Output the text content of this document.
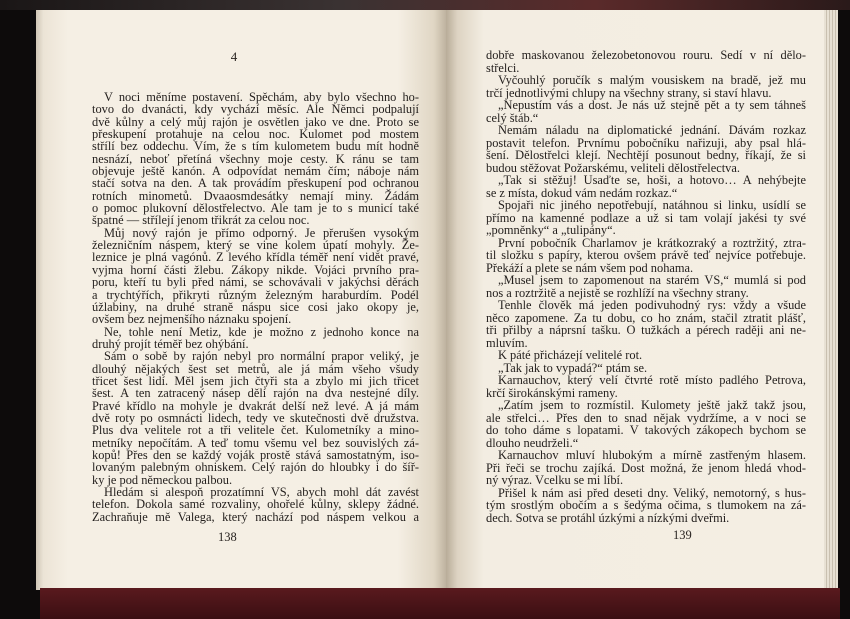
4
V noci měníme postavení. Spěchám, aby bylo všechno ho-
tovo do dvanácti, kdy vychází měsíc. Ale Němci podpalují
dvě kůlny a celý můj rajón je osvětlen jako ve dne. Proto se
přeskupení protahuje na celou noc. Kulomet pod mostem
střílí bez oddechu. Vím, že s tím kulometem budu mít hodně
nesnází, neboť přetíná všechny moje cesty. K ránu se tam
objevuje ještě kanón. A odpovídat nemám čím; náboje nám
stačí sotva na den. A tak provádím přeskupení pod ochranou
rotních minometů. Dvaaosmdesátky nemají miny. Žádám
o pomoc plukovní dělostřelectvo. Ale tam je to s municí také
špatné — střílejí jenom třikrát za celou noc.
Můj nový rajón je přímo odporný. Je přerušen vysokým
železničním náspem, který se vine kolem úpatí mohyly. Že-
leznice je plná vagónů. Z levého křídla téměř není vidět pravé,
vyjma horní části žlebu. Zákopy nikde. Vojáci prvního pra-
poru, kteří tu byli před námi, se schovávali v jakýchsi děrách
a trychtýřích, přikryti různým železným haraburdím. Podél
úžlabiny, na druhé straně náspu sice cosi jako okopy je,
ovšem bez nejmenšího náznaku spojení.
Ne, tohle není Metiz, kde je možno z jednoho konce na
druhý projít téměř bez ohýbání.
Sám o sobě by rajón nebyl pro normální prapor veliký, je
dlouhý nějakých šest set metrů, ale já mám všeho všudy
třicet šest lidí. Měl jsem jich čtyři sta a zbylo mi jich třicet
šest. A ten zatracený násep dělí rajón na dva nestejné díly.
Pravé křídlo na mohyle je dvakrát delší než levé. A já mám
dvě roty po osmnácti lidech, tedy ve skutečnosti dvě družstva.
Plus dva velitele rot a tři velitele čet. Kulometníky a mino-
metníky nepočítám. A teď tomu všemu vel bez souvislých zá-
kopů! Přes den se každý voják prostě stává samostatným, iso-
lovaným palebným ohniskem. Celý rajón do hloubky i do šíř-
ky je pod německou palbou.
Hledám si alespoň prozatímní VS, abych mohl dát zavést
telefon. Dokola samé rozvaliny, ohořelé kůlny, sklepy žádné.
Zachraňuje mě Valega, který nachází pod náspem velkou a
dobře maskovanou železobetonovou rouru. Sedí v ní dělo-
střelci.
Vyčouhlý poručík s malým vousiskem na bradě, jež mu
trčí jednotlivými chlupy na všechny strany, si staví hlavu.
„Nepustím vás a dost. Je nás už stejně pět a ty sem táhneš
celý štáb.“
Nemám náladu na diplomatické jednání. Dávám rozkaz
postavit telefon. Prvnímu pobočníku nařizuji, aby psal hlá-
šení. Dělostřelci klejí. Nechtějí posunout bedny, říkají, že si
budou stěžovat Požarskému, veliteli dělostřelectva.
„Tak si stěžuj! Usaďte se, hoši, a hotovo… A nehýbejte
se z místa, dokud vám nedám rozkaz.“
Spojaři nic jiného nepotřebují, natáhnou si linku, usídlí se
přímo na kamenné podlaze a už si tam volají jakési ty své
„pomněnky“ a „tulipány“.
První pobočník Charlamov je krátkozraký a roztržitý, ztra-
til složku s papíry, kterou ovšem právě teď nejvíce potřebuje.
Překáží a plete se nám všem pod nohama.
„Musel jsem to zapomenout na starém VS,“ mumlá si pod
nos a roztržitě a nejistě se rozhlíží na všechny strany.
Tenhle člověk má jeden podivuhodný rys: vždy a všude
něco zapomene. Za tu dobu, co ho znám, stačil ztratit plášť,
tři přilby a náprsní tašku. O tužkách a pérech raději ani ne-
mluvím.
K páté přicházejí velitelé rot.
„Tak jak to vypadá?“ ptám se.
Karnauchov, který velí čtvrté rotě místo padlého Petrova,
krčí širokánskými rameny.
„Zatím jsem to rozmístil. Kulomety ještě jakž takž jsou,
ale střelci… Přes den to snad nějak vydržíme, a v noci se
do toho dáme s lopatami. V takových zákopech bychom se
dlouho neudrželi.“
Karnauchov mluví hlubokým a mírně zastřeným hlasem.
Při řeči se trochu zajíká. Dost možná, že jenom hledá vhod-
ný výraz. Vcelku se mi líbí.
Přišel k nám asi před deseti dny. Veliký, nemotorný, s hus-
tým srostlým obočím a s šedýma očima, s tlumokem na zá-
dech. Sotva se protáhl úzkými a nízkými dveřmi.
138	139
